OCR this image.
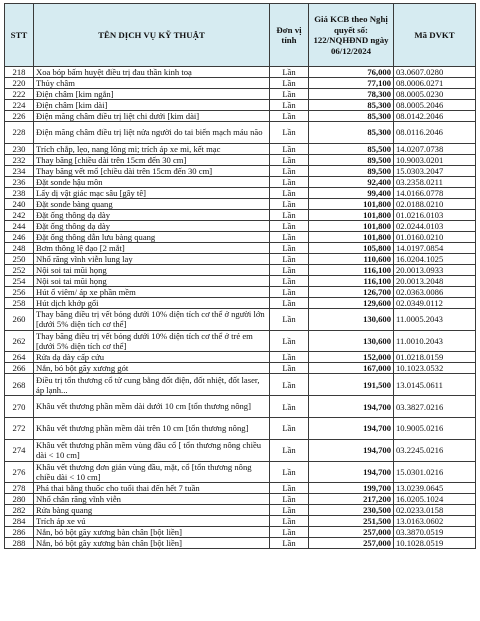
STT	TÊN DỊCH VỤ KỸ THUẬT	Đơn vị tính	Giá KCB theo Nghị quyết số: 122/NQHĐND ngày 06/12/2024	Mã DVKT
218	Xoa bóp bấm huyệt điều trị đau thần kinh toạ	Lần	76,000	03.0607.0280
220	Thủy châm	Lần	77,100	08.0006.0271
222	Điện châm [kim ngắn]	Lần	78,300	08.0005.0230
224	Điện châm [kim dài]	Lần	85,300	08.0005.2046
226	Điện mãng châm điều trị liệt chi dưới [kim dài]	Lần	85,300	08.0142.2046
228	Điện mãng châm điều trị liệt nửa người do tai biến mạch máu não	Lần	85,300	08.0116.2046
230	Trích chắp, lẹo, nang lông mi; trích áp xe mi, kết mạc	Lần	85,500	14.0207.0738
232	Thay băng [chiều dài trên 15cm đến 30 cm]	Lần	89,500	10.9003.0201
234	Thay băng vết mổ [chiều dài trên 15cm đến 30 cm]	Lần	89,500	15.0303.2047
236	Đặt sonde hậu môn	Lần	92,400	03.2358.0211
238	Lấy dị vật giác mạc sâu [gây tê]	Lần	99,400	14.0166.0778
240	Đặt sonde bàng quang	Lần	101,800	02.0188.0210
242	Đặt ống thông dạ dày	Lần	101,800	01.0216.0103
244	Đặt ống thông dạ dày	Lần	101,800	02.0244.0103
246	Đặt ống thông dẫn lưu bàng quang	Lần	101,800	01.0160.0210
248	Bơm thông lệ đạo [2 mắt]	Lần	105,800	14.0197.0854
250	Nhổ răng vĩnh viễn lung lay	Lần	110,600	16.0204.1025
252	Nội soi tai mũi họng	Lần	116,100	20.0013.0933
254	Nội soi tai mũi họng	Lần	116,100	20.0013.2048
256	Hút ổ viêm/ áp xe phần mềm	Lần	126,700	02.0363.0086
258	Hút dịch khớp gối	Lần	129,600	02.0349.0112
260	Thay băng điều trị vết bỏng dưới 10% diện tích cơ thể ở người lớn [dưới 5% diện tích cơ thể]	Lần	130,600	11.0005.2043
262	Thay băng điều trị vết bỏng dưới 10% diện tích cơ thể ở trẻ em [dưới 5% diện tích cơ thể]	Lần	130,600	11.0010.2043
264	Rửa dạ dày cấp cứu	Lần	152,000	01.0218.0159
266	Nắn, bó bột gãy xương gót	Lần	167,000	10.1023.0532
268	Điều trị tổn thương cổ tử cung bằng đốt điện, đốt nhiệt, đốt laser, áp lạnh...	Lần	191,500	13.0145.0611
270	Khâu vết thương phần mềm dài dưới 10 cm [tổn thương nông]	Lần	194,700	03.3827.0216
272	Khâu vết thương phần mềm dài trên 10 cm [tổn thương nông]	Lần	194,700	10.9005.0216
274	Khâu vết thương phần mềm vùng đầu cổ [ tổn thương nông chiều dài < 10 cm]	Lần	194,700	03.2245.0216
276	Khâu vết thương đơn giản vùng đầu, mặt, cổ [tổn thương nông chiều dài < 10 cm]	Lần	194,700	15.0301.0216
278	Phá thai bằng thuốc cho tuổi thai đến hết 7 tuần	Lần	199,700	13.0239.0645
280	Nhổ chân răng vĩnh viễn	Lần	217,200	16.0205.1024
282	Rửa bàng quang	Lần	230,500	02.0233.0158
284	Trích áp xe vú	Lần	251,500	13.0163.0602
286	Nắn, bó bột gãy xương bàn chân [bột liền]	Lần	257,000	03.3870.0519
288	Nắn, bó bột gãy xương bàn chân [bột liền]	Lần	257,000	10.1028.0519
